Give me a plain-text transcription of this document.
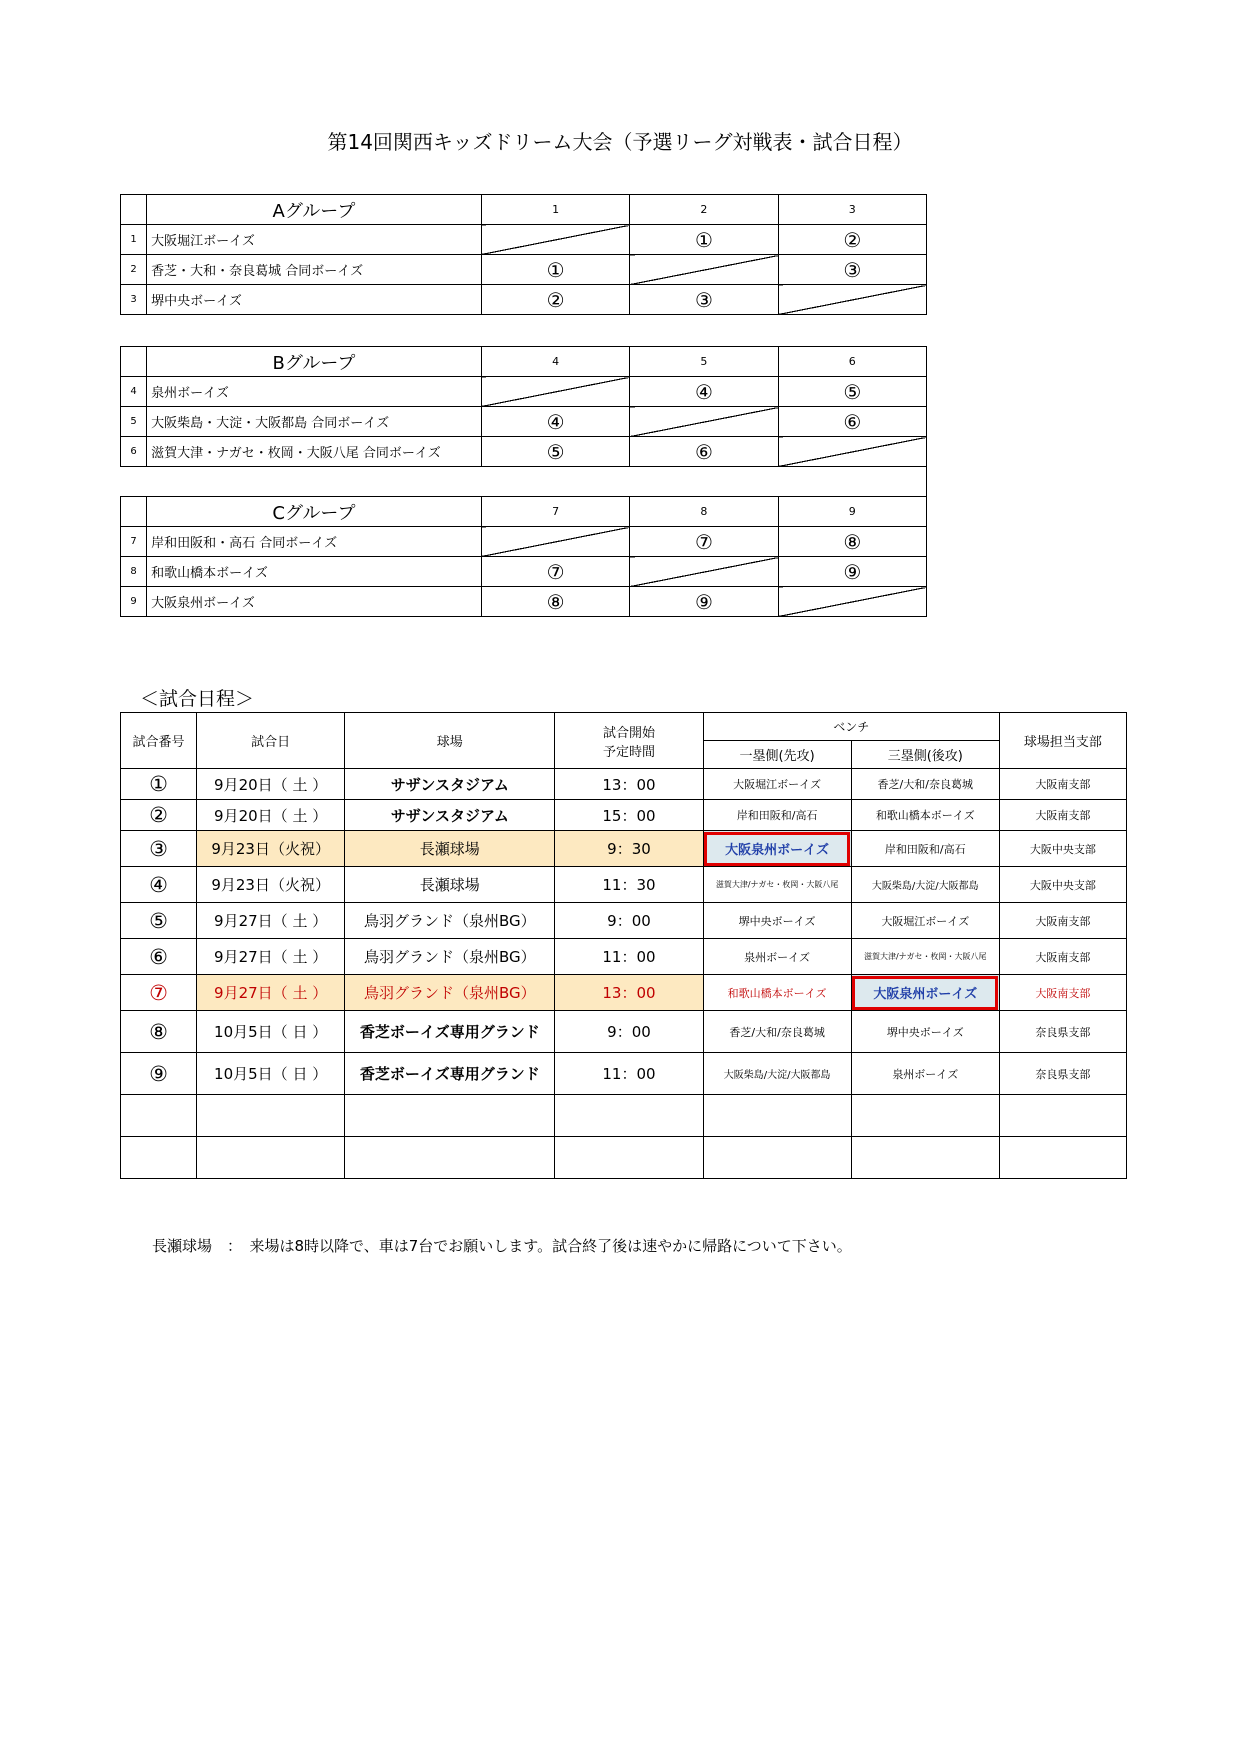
第14回関西キッズドリーム大会（予選リーグ対戦表・試合日程）
	Aグループ	1	2	3
1	大阪堀江ボーイズ		①	②
2	香芝・大和・奈良葛城 合同ボーイズ	①		③
3	堺中央ボーイズ	②	③	
	Bグループ	4	5	6
4	泉州ボーイズ		④	⑤
5	大阪柴島・大淀・大阪都島 合同ボーイズ	④		⑥
6	滋賀大津・ナガセ・枚岡・大阪八尾 合同ボーイズ	⑤	⑥	

	Cグループ	7	8	9
7	岸和田阪和・高石 合同ボーイズ		⑦	⑧
8	和歌山橋本ボーイズ	⑦		⑨
9	大阪泉州ボーイズ	⑧	⑨	
＜試合日程＞
試合番号	試合日	球場	試合開始
予定時間	ベンチ		球場担当支部
				一塁側(先攻)	三塁側(後攻)	
①	9月20日（ 土 ）	サザンスタジアム	13：00	大阪堀江ボーイズ	香芝/大和/奈良葛城	大阪南支部
②	9月20日（ 土 ）	サザンスタジアム	15：00	岸和田阪和/高石	和歌山橋本ボーイズ	大阪南支部
③	9月23日（火祝）	長瀬球場	9：30	大阪泉州ボーイズ	岸和田阪和/高石	大阪中央支部
④	9月23日（火祝）	長瀬球場	11：30	滋賀大津/ナガセ・枚岡・大阪八尾	大阪柴島/大淀/大阪都島	大阪中央支部
⑤	9月27日（ 土 ）	鳥羽グランド（泉州BG）	9：00	堺中央ボーイズ	大阪堀江ボーイズ	大阪南支部
⑥	9月27日（ 土 ）	鳥羽グランド（泉州BG）	11：00	泉州ボーイズ	滋賀大津/ナガセ・枚岡・大阪八尾	大阪南支部
⑦	9月27日（ 土 ）	鳥羽グランド（泉州BG）	13：00	和歌山橋本ボーイズ	大阪泉州ボーイズ	大阪南支部
⑧	10月5日（ 日 ）	香芝ボーイズ専用グランド	9：00	香芝/大和/奈良葛城	堺中央ボーイズ	奈良県支部
⑨	10月5日（ 日 ）	香芝ボーイズ専用グランド	11：00	大阪柴島/大淀/大阪都島	泉州ボーイズ	奈良県支部

長瀬球場　：　来場は8時以降で、車は7台でお願いします。試合終了後は速やかに帰路について下さい。
